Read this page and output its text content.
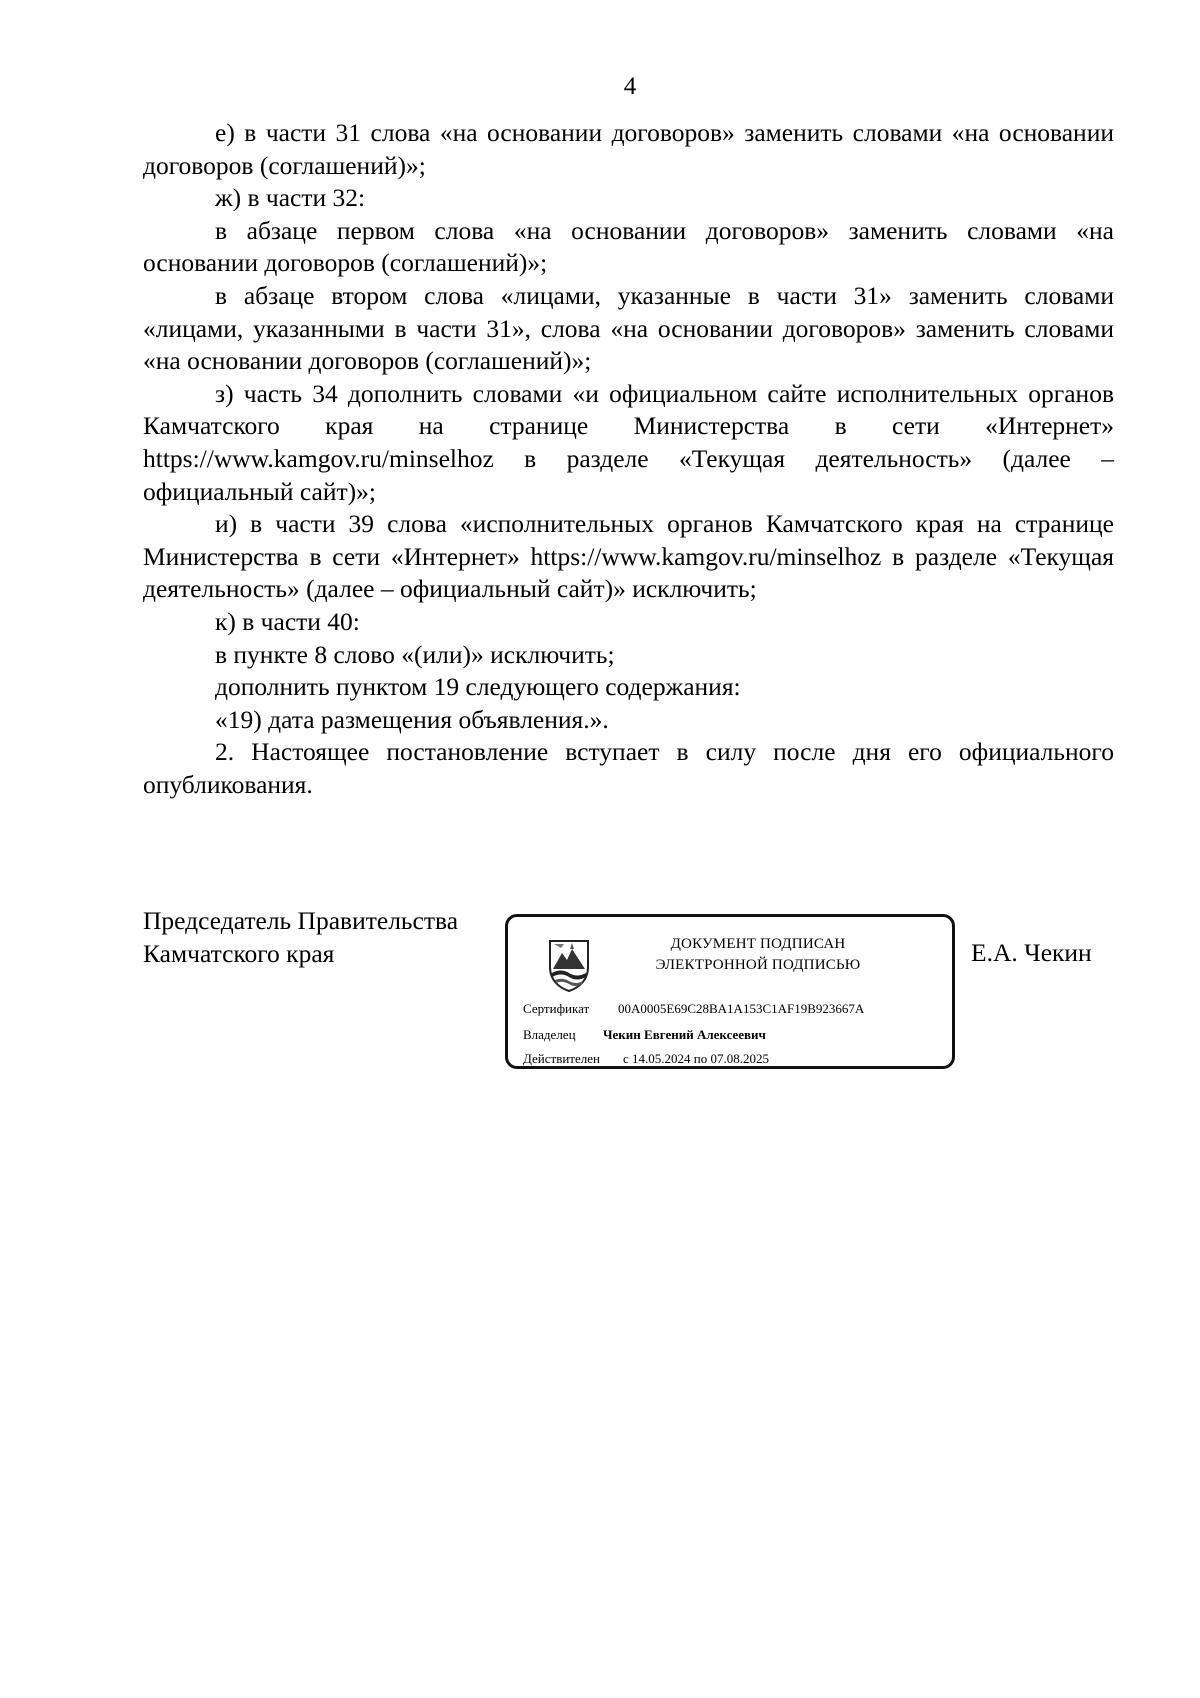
4

е) в части 31 слова «на основании договоров» заменить словами «на основании договоров (соглашений)»;

ж) в части 32:

в абзаце первом слова «на основании договоров» заменить словами «на основании договоров (соглашений)»;

в абзаце втором слова «лицами, указанные в части 31» заменить словами «лицами, указанными в части 31», слова «на основании договоров» заменить словами «на основании договоров (соглашений)»;

з) часть 34 дополнить словами «и официальном сайте исполнительных органов Камчатского края на странице Министерства в сети «Интернет» https://www.kamgov.ru/minselhoz в разделе «Текущая деятельность» (далее – официальный сайт)»;

и) в части 39 слова «исполнительных органов Камчатского края на странице Министерства в сети «Интернет» https://www.kamgov.ru/minselhoz в разделе «Текущая деятельность» (далее – официальный сайт)» исключить;

к) в части 40:

в пункте 8 слово «(или)» исключить;

дополнить пунктом 19 следующего содержания:

«19) дата размещения объявления.».

2. Настоящее постановление вступает в силу после дня его официального опубликования.

Председатель Правительства
Камчатского края	ДОКУМЕНТ ПОДПИСАН
ЭЛЕКТРОННОЙ ПОДПИСЬЮ
Сертификат 00A0005E69C28BA1A153C1AF19B923667A
Владелец Чекин Евгений Алексеевич
Действителен с 14.05.2024 по 07.08.2025
Е.А. Чекин
